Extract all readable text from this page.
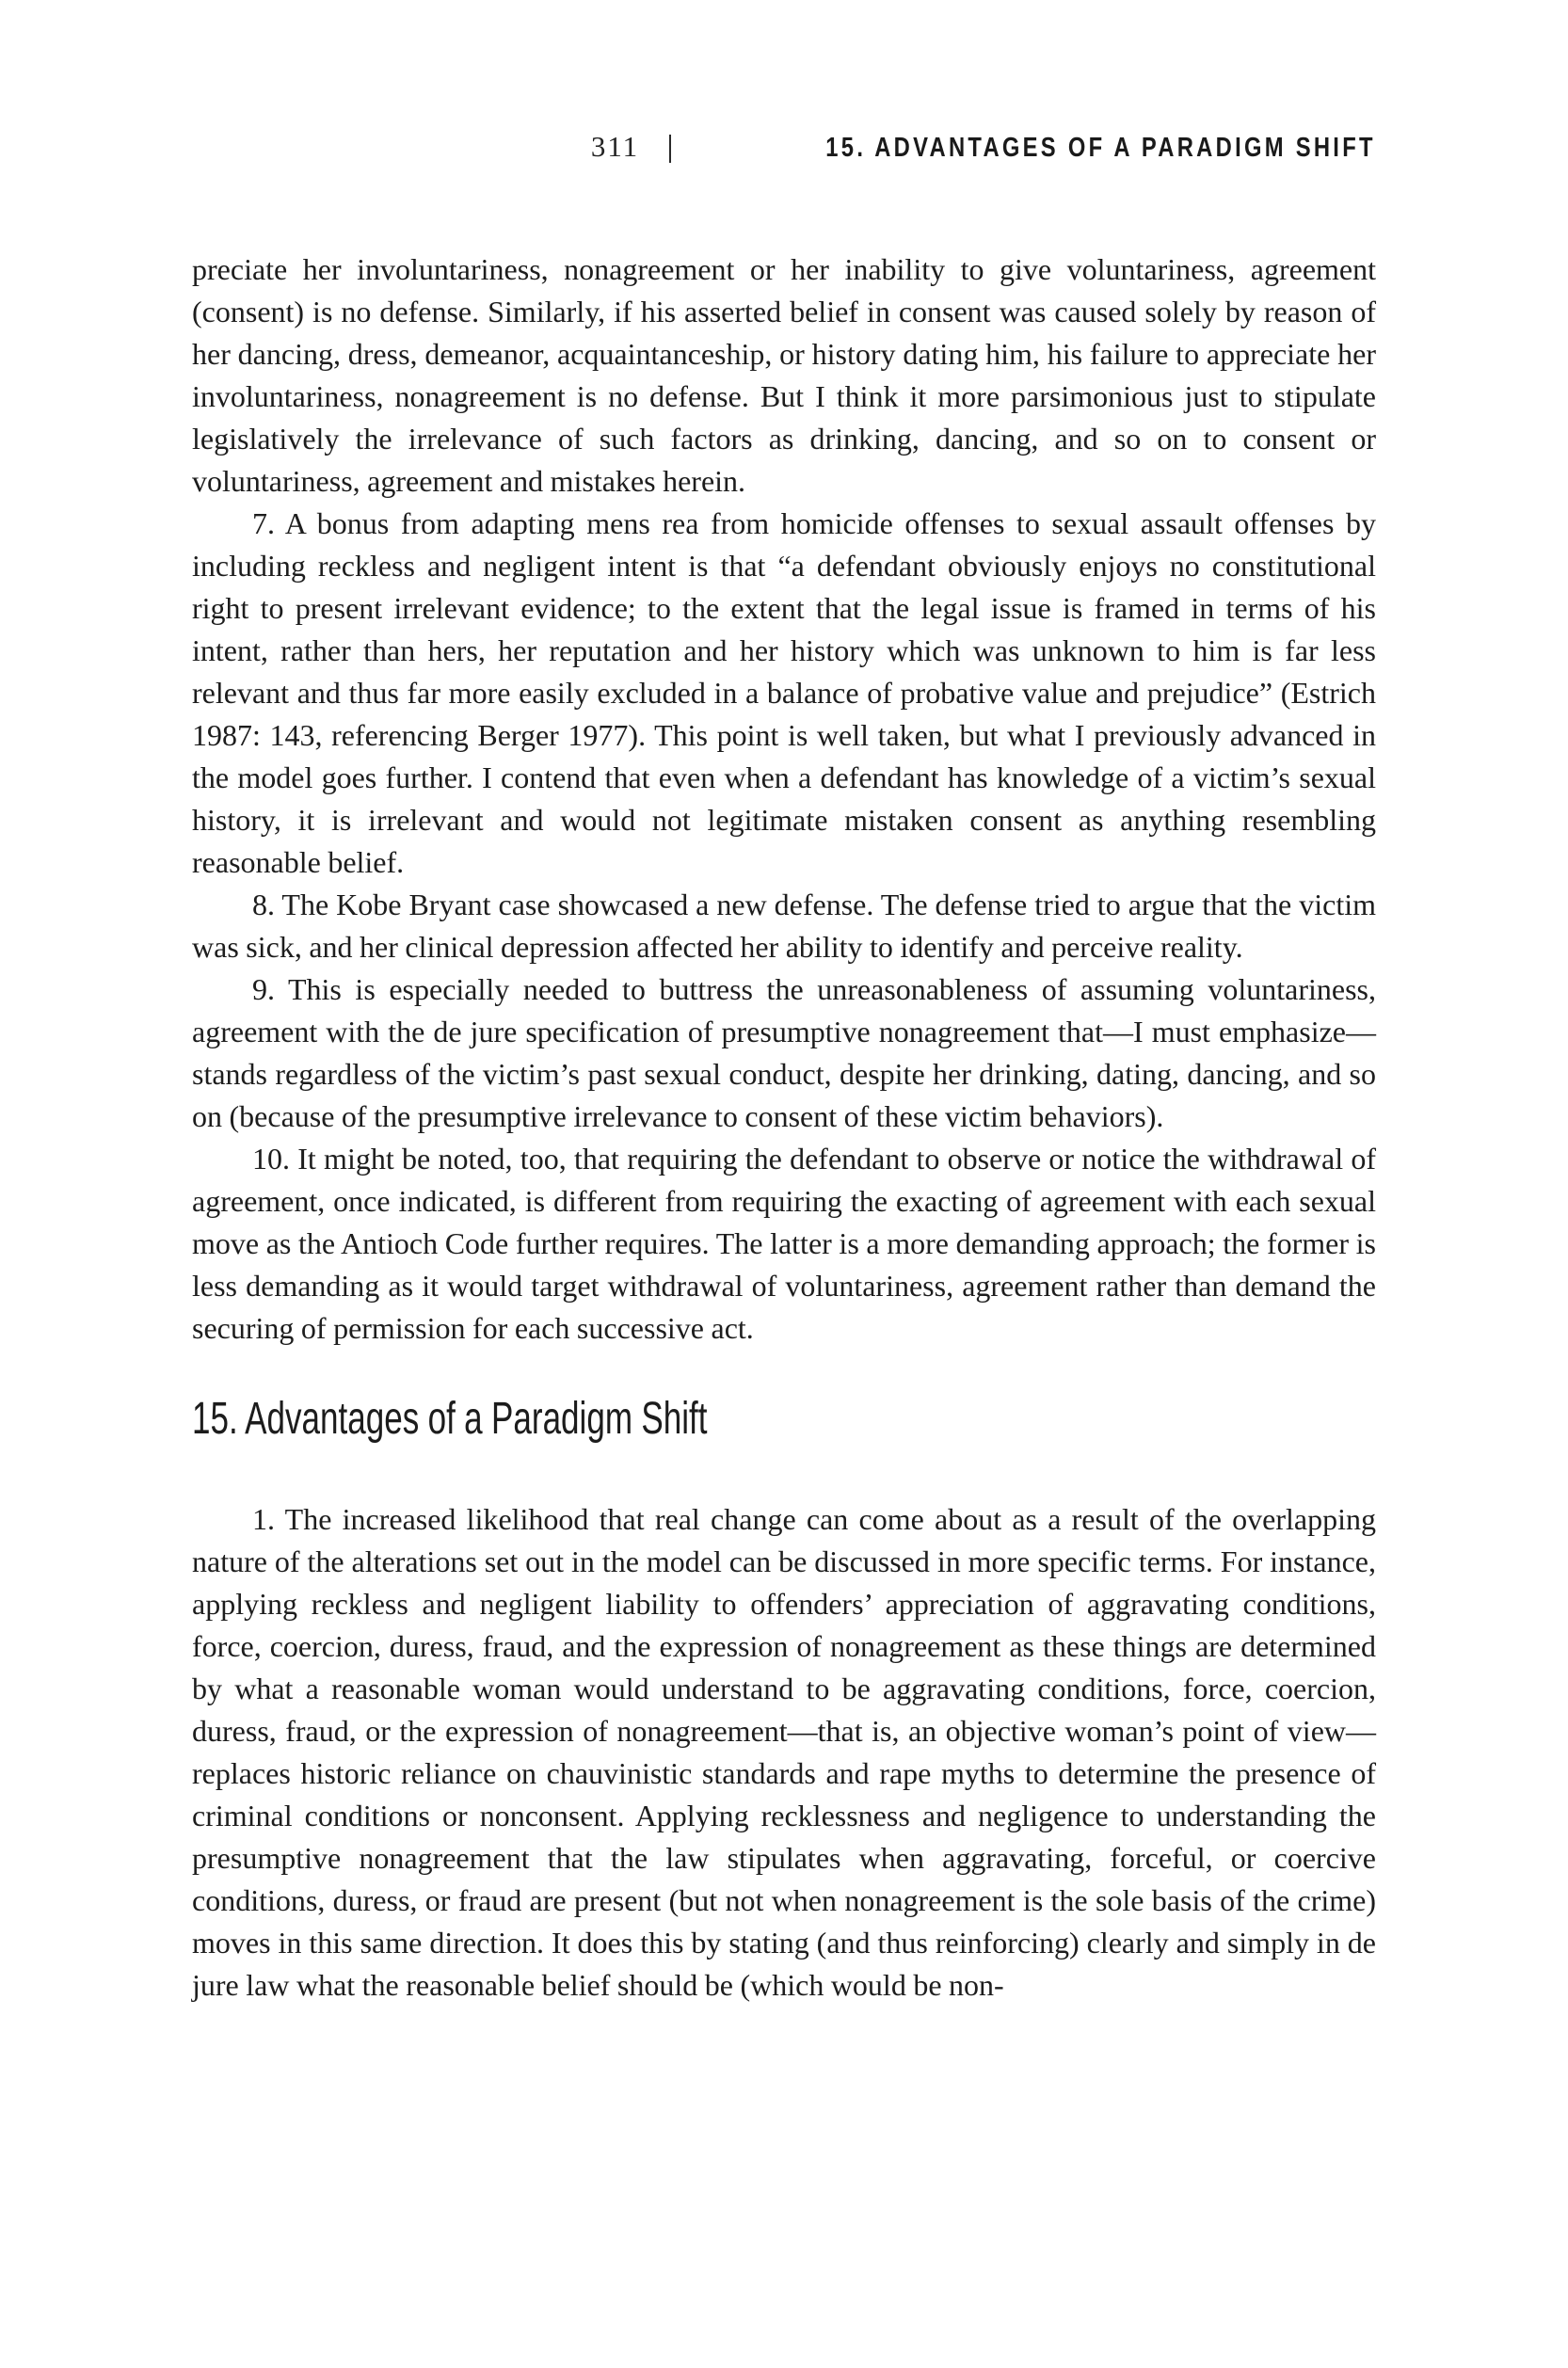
311	15. ADVANTAGES OF A PARADIGM SHIFT

preciate her involuntariness, nonagreement or her inability to give voluntariness, agreement (consent) is no defense. Similarly, if his asserted belief in consent was caused solely by reason of her dancing, dress, demeanor, acquaintanceship, or history dating him, his failure to appreciate her involuntariness, nonagreement is no defense. But I think it more parsimonious just to stipulate legislatively the irrelevance of such factors as drinking, dancing, and so on to consent or voluntariness, agreement and mistakes herein.

7. A bonus from adapting mens rea from homicide offenses to sexual assault offenses by including reckless and negligent intent is that “a defendant obviously enjoys no constitutional right to present irrelevant evidence; to the extent that the legal issue is framed in terms of his intent, rather than hers, her reputation and her history which was unknown to him is far less relevant and thus far more easily excluded in a balance of probative value and prejudice” (Estrich 1987: 143, referencing Berger 1977). This point is well taken, but what I previously advanced in the model goes further. I contend that even when a defendant has knowledge of a victim’s sexual history, it is irrelevant and would not legitimate mistaken consent as anything resembling reasonable belief.

8. The Kobe Bryant case showcased a new defense. The defense tried to argue that the victim was sick, and her clinical depression affected her ability to identify and perceive reality.

9. This is especially needed to buttress the unreasonableness of assuming voluntariness, agreement with the de jure specification of presumptive nonagreement that—I must emphasize—stands regardless of the victim’s past sexual conduct, despite her drinking, dating, dancing, and so on (because of the presumptive irrelevance to consent of these victim behaviors).

10. It might be noted, too, that requiring the defendant to observe or notice the withdrawal of agreement, once indicated, is different from requiring the exacting of agreement with each sexual move as the Antioch Code further requires. The latter is a more demanding approach; the former is less demanding as it would target withdrawal of voluntariness, agreement rather than demand the securing of permission for each successive act.

15. Advantages of a Paradigm Shift

1. The increased likelihood that real change can come about as a result of the overlapping nature of the alterations set out in the model can be discussed in more specific terms. For instance, applying reckless and negligent liability to offenders’ appreciation of aggravating conditions, force, coercion, duress, fraud, and the expression of nonagreement as these things are determined by what a reasonable woman would understand to be aggravating conditions, force, coercion, duress, fraud, or the expression of nonagreement—that is, an objective woman’s point of view—replaces historic reliance on chauvinistic standards and rape myths to determine the presence of criminal conditions or nonconsent. Applying recklessness and negligence to understanding the presumptive nonagreement that the law stipulates when aggravating, forceful, or coercive conditions, duress, or fraud are present (but not when nonagreement is the sole basis of the crime) moves in this same direction. It does this by stating (and thus reinforcing) clearly and simply in de jure law what the reasonable belief should be (which would be non-
